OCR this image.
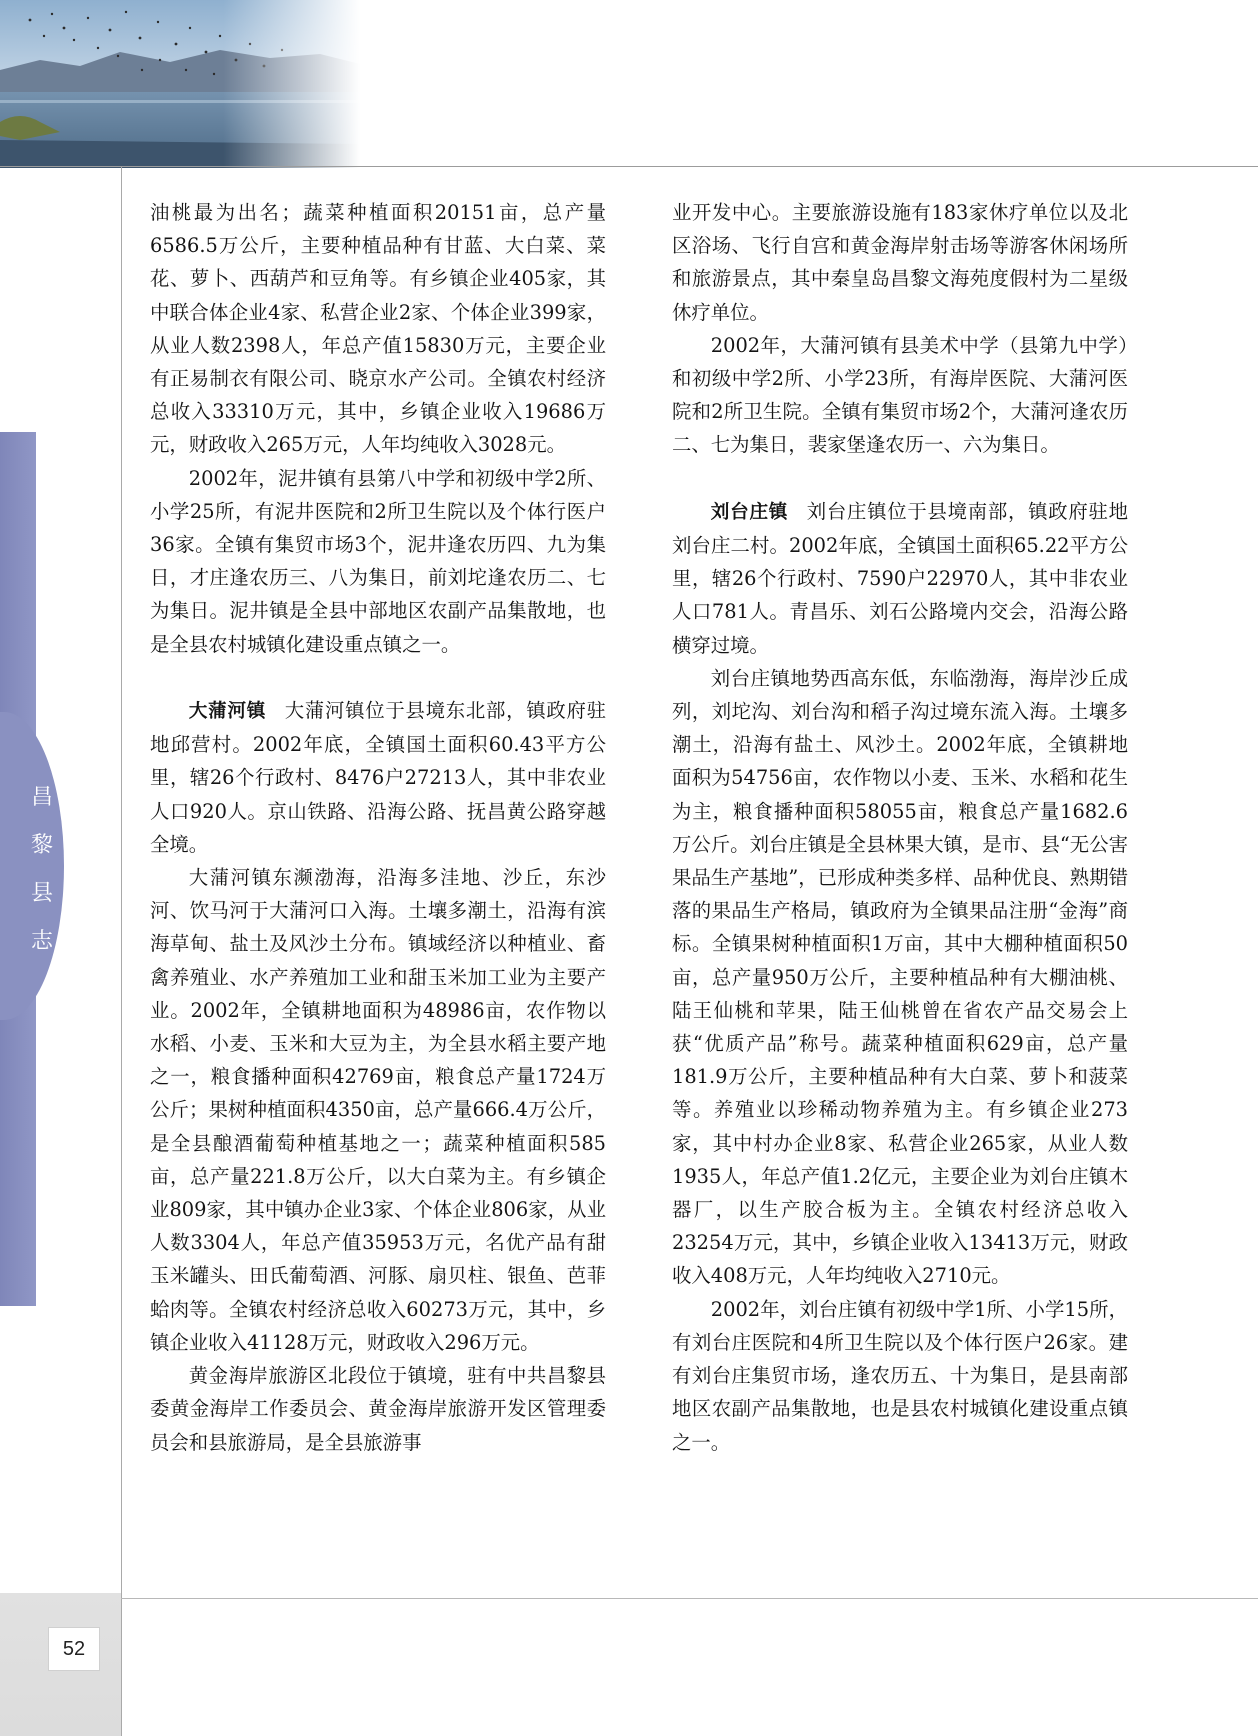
昌
黎
县
志

油桃最为出名；蔬菜种植面积20151亩，总产量6586.5万公斤，主要种植品种有甘蓝、大白菜、菜花、萝卜、西葫芦和豆角等。有乡镇企业405家，其中联合体企业4家、私营企业2家、个体企业399家，从业人数2398人，年总产值15830万元，主要企业有正易制衣有限公司、晓京水产公司。全镇农村经济总收入33310万元，其中，乡镇企业收入19686万元，财政收入265万元，人年均纯收入3028元。

2002年，泥井镇有县第八中学和初级中学2所、小学25所，有泥井医院和2所卫生院以及个体行医户36家。全镇有集贸市场3个，泥井逢农历四、九为集日，才庄逢农历三、八为集日，前刘坨逢农历二、七为集日。泥井镇是全县中部地区农副产品集散地，也是全县农村城镇化建设重点镇之一。

大蒲河镇 大蒲河镇位于县境东北部，镇政府驻地邱营村。2002年底，全镇国土面积60.43平方公里，辖26个行政村、8476户27213人，其中非农业人口920人。京山铁路、沿海公路、抚昌黄公路穿越全境。

大蒲河镇东濒渤海，沿海多洼地、沙丘，东沙河、饮马河于大蒲河口入海。土壤多潮土，沿海有滨海草甸、盐土及风沙土分布。镇域经济以种植业、畜禽养殖业、水产养殖加工业和甜玉米加工业为主要产业。2002年，全镇耕地面积为48986亩，农作物以水稻、小麦、玉米和大豆为主，为全县水稻主要产地之一，粮食播种面积42769亩，粮食总产量1724万公斤；果树种植面积4350亩，总产量666.4万公斤，是全县酿酒葡萄种植基地之一；蔬菜种植面积585亩，总产量221.8万公斤，以大白菜为主。有乡镇企业809家，其中镇办企业3家、个体企业806家，从业人数3304人，年总产值35953万元，名优产品有甜玉米罐头、田氏葡萄酒、河豚、扇贝柱、银鱼、芭菲蛤肉等。全镇农村经济总收入60273万元，其中，乡镇企业收入41128万元，财政收入296万元。

黄金海岸旅游区北段位于镇境，驻有中共昌黎县委黄金海岸工作委员会、黄金海岸旅游开发区管理委员会和县旅游局，是全县旅游事

业开发中心。主要旅游设施有183家休疗单位以及北区浴场、飞行自宫和黄金海岸射击场等游客休闲场所和旅游景点，其中秦皇岛昌黎文海苑度假村为二星级休疗单位。

2002年，大蒲河镇有县美术中学（县第九中学）和初级中学2所、小学23所，有海岸医院、大蒲河医院和2所卫生院。全镇有集贸市场2个，大蒲河逢农历二、七为集日，裴家堡逢农历一、六为集日。

刘台庄镇 刘台庄镇位于县境南部，镇政府驻地刘台庄二村。2002年底，全镇国土面积65.22平方公里，辖26个行政村、7590户22970人，其中非农业人口781人。青昌乐、刘石公路境内交会，沿海公路横穿过境。

刘台庄镇地势西高东低，东临渤海，海岸沙丘成列，刘坨沟、刘台沟和稻子沟过境东流入海。土壤多潮土，沿海有盐土、风沙土。2002年底，全镇耕地面积为54756亩，农作物以小麦、玉米、水稻和花生为主，粮食播种面积58055亩，粮食总产量1682.6万公斤。刘台庄镇是全县林果大镇，是市、县“无公害果品生产基地”，已形成种类多样、品种优良、熟期错落的果品生产格局，镇政府为全镇果品注册“金海”商标。全镇果树种植面积1万亩，其中大棚种植面积50亩，总产量950万公斤，主要种植品种有大棚油桃、陆王仙桃和苹果，陆王仙桃曾在省农产品交易会上获“优质产品”称号。蔬菜种植面积629亩，总产量181.9万公斤，主要种植品种有大白菜、萝卜和菠菜等。养殖业以珍稀动物养殖为主。有乡镇企业273家，其中村办企业8家、私营企业265家，从业人数1935人，年总产值1.2亿元，主要企业为刘台庄镇木器厂，以生产胶合板为主。全镇农村经济总收入23254万元，其中，乡镇企业收入13413万元，财政收入408万元，人年均纯收入2710元。

2002年，刘台庄镇有初级中学1所、小学15所，有刘台庄医院和4所卫生院以及个体行医户26家。建有刘台庄集贸市场，逢农历五、十为集日，是县南部地区农副产品集散地，也是县农村城镇化建设重点镇之一。

52
